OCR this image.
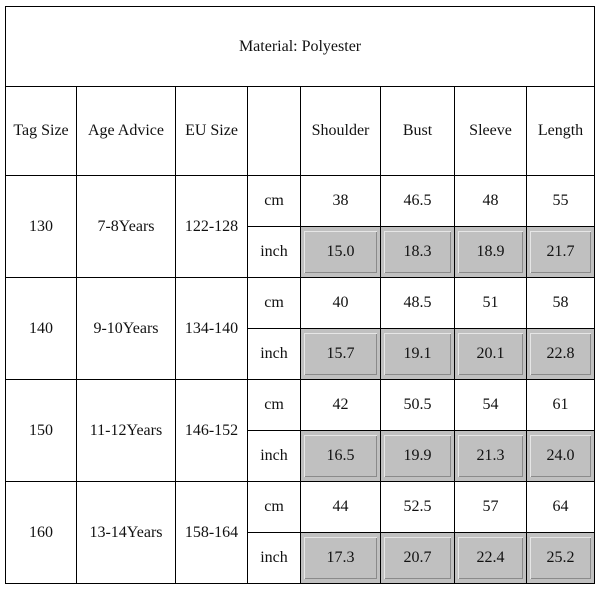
Material: Polyester							
Tag Size	Age Advice	EU Size		Shoulder	Bust	Sleeve	Length
130	7-8Years	122-128	cm	38	46.5	48	55
			inch	15.0	18.3	18.9	21.7

140	9-10Years	134-140	cm	40	48.5	51	58
			inch	15.7	19.1	20.1	22.8

150	11-12Years	146-152	cm	42	50.5	54	61
			inch	16.5	19.9	21.3	24.0

160	13-14Years	158-164	cm	44	52.5	57	64
			inch	17.3	20.7	22.4	25.2
